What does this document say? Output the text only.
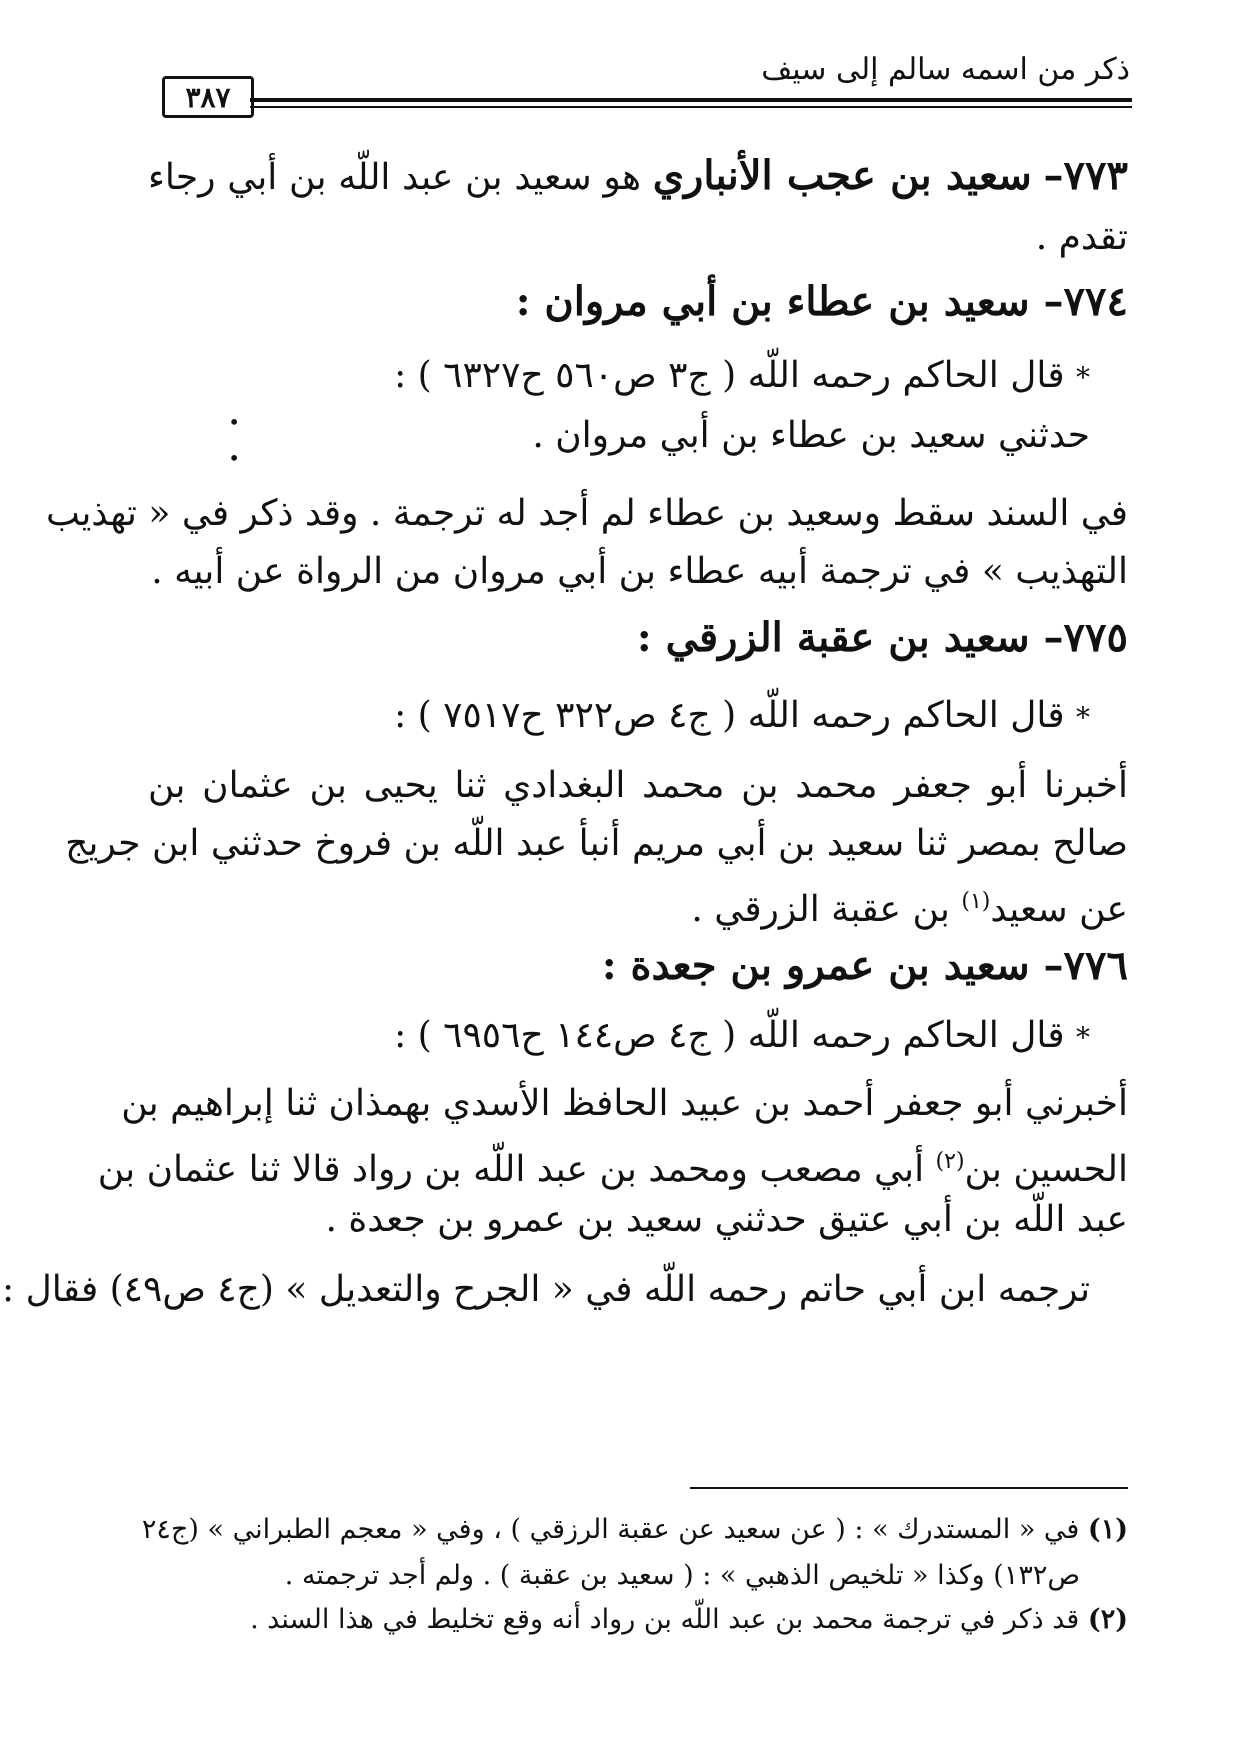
ذكر من اسمه سالم إلى سيف
٣٨٧
٧٧٣– سعيد بن عجب الأنباري هو سعيد بن عبد اللّه بن أبي رجاء
تقدم .
٧٧٤– سعيد بن عطاء بن أبي مروان :
* قال الحاكم رحمه اللّه ( ج٣ ص٥٦٠ ح٦٣٢٧ ) :
•
•
حدثني سعيد بن عطاء بن أبي مروان .
في السند سقط وسعيد بن عطاء لم أجد له ترجمة . وقد ذكر في « تهذيب
التهذيب » في ترجمة أبيه عطاء بن أبي مروان من الرواة عن أبيه .
٧٧٥– سعيد بن عقبة الزرقي :
* قال الحاكم رحمه اللّه ( ج٤ ص٣٢٢ ح٧٥١٧ ) :
أخبرنا أبو جعفر محمد بن محمد البغدادي ثنا يحيى بن عثمان بن
صالح بمصر ثنا سعيد بن أبي مريم أنبأ عبد اللّه بن فروخ حدثني ابن جريج
عن سعيد$^{(١)}$ بن عقبة الزرقي .
٧٧٦– سعيد بن عمرو بن جعدة :
* قال الحاكم رحمه اللّه ( ج٤ ص١٤٤ ح٦٩٥٦ ) :
أخبرني أبو جعفر أحمد بن عبيد الحافظ الأسدي بهمذان ثنا إبراهيم بن
الحسين بن$^{(٢)}$ أبي مصعب ومحمد بن عبد اللّه بن رواد قالا ثنا عثمان بن
عبد اللّه بن أبي عتيق حدثني سعيد بن عمرو بن جعدة .
ترجمه ابن أبي حاتم رحمه اللّه في « الجرح والتعديل » (ج٤ ص٤٩) فقال :
(١) في « المستدرك » : ( عن سعيد عن عقبة الرزقي ) ، وفي « معجم الطبراني » (ج٢٤
ص١٣٢) وكذا « تلخيص الذهبي » : ( سعيد بن عقبة ) . ولم أجد ترجمته .
(٢) قد ذكر في ترجمة محمد بن عبد اللّه بن رواد أنه وقع تخليط في هذا السند .
